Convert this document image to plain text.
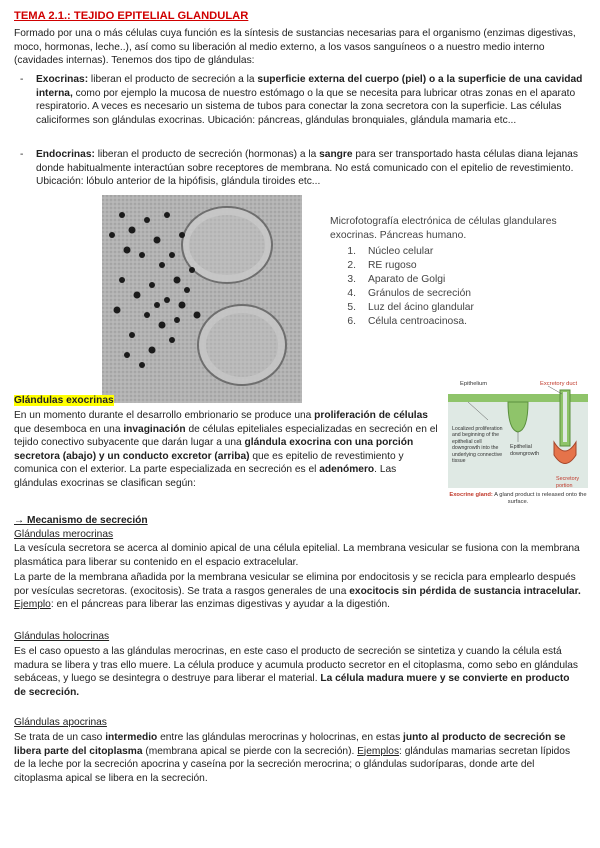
TEMA 2.1.: TEJIDO EPITELIAL GLANDULAR
Formado por una o más células cuya función es la síntesis de sustancias necesarias para el organismo (enzimas digestivas, moco, hormonas, leche..), así como su liberación al medio externo, a los vasos sanguíneos o a nuestro medio interno (cavidades internas). Tenemos dos tipo de glándulas:
- Exocrinas: liberan el producto de secreción a la superficie externa del cuerpo (piel) o a la superficie de una cavidad interna, como por ejemplo la mucosa de nuestro estómago o la que se necesita para lubricar otras zonas en el aparato respiratorio. A veces es necesario un sistema de tubos para conectar la zona secretora con la superficie. Las células caliciformes son glándulas exocrinas. Ubicación: páncreas, glándulas bronquiales, glándula mamaria etc...
- Endocrinas: liberan el producto de secreción (hormonas) a la sangre para ser transportado hasta células diana lejanas donde habitualmente interactúan sobre receptores de membrana. No está comunicado con el epitelio de revestimiento. Ubicación: lóbulo anterior de la hipófisis, glándula tiroides etc...
Microfotografía electrónica de células glandulares exocrinas. Páncreas humano.
1.	Núcleo celular
2.	RE rugoso
3.	Aparato de Golgi
4.	Gránulos de secreción
5.	Luz del ácino glandular
6.	Célula centroacinosa.
Epithelium	Excretory duct
Localized proliferation and beginning of the epithelial cell downgrowth into the underlying connective tissue
Epithelial downgrowth
Secretory portion
Exocrine gland: A gland product is released onto the surface.
Glándulas exocrinas
En un momento durante el desarrollo embrionario se produce una proliferación de células que desemboca en una invaginación de células epiteliales especializadas en secreción en el tejido conectivo subyacente que darán lugar a una glándula exocrina con una porción secretora (abajo) y un conducto excretor (arriba) que es epitelio de revestimiento y comunica con el exterior. La parte especializada en secreción es el adenómero. Las glándulas exocrinas se clasifican según:
→ Mecanismo de secreción
Glándulas merocrinas
La vesícula secretora se acerca al dominio apical de una célula epitelial. La membrana vesicular se fusiona con la membrana plasmática para liberar su contenido en el espacio extracelular.
La parte de la membrana añadida por la membrana vesicular se elimina por endocitosis y se recicla para emplearlo después por vesículas secretoras. (exocitosis). Se trata a rasgos generales de una exocitocis sin pérdida de sustancia intracelular. Ejemplo: en el páncreas para liberar las enzimas digestivas y ayudar a la digestión.
Glándulas holocrinas
Es el caso opuesto a las glándulas merocrinas, en este caso el producto de secreción se sintetiza y cuando la célula está madura se libera y tras ello muere. La célula produce y acumula producto secretor en el citoplasma, como sebo en glándulas sebáceas, y luego se desintegra o destruye para liberar el material. La célula madura muere y se convierte en producto de secreción.
Glándulas apocrinas
Se trata de un caso intermedio entre las glándulas merocrinas y holocrinas, en estas junto al producto de secreción se libera parte del citoplasma (membrana apical se pierde con la secreción). Ejemplos: glándulas mamarias secretan lípidos de la leche por la secreción apocrina y caseína por la secreción merocrina; o glándulas sudoríparas, donde arte del citoplasma apical se libera en la secreción.
